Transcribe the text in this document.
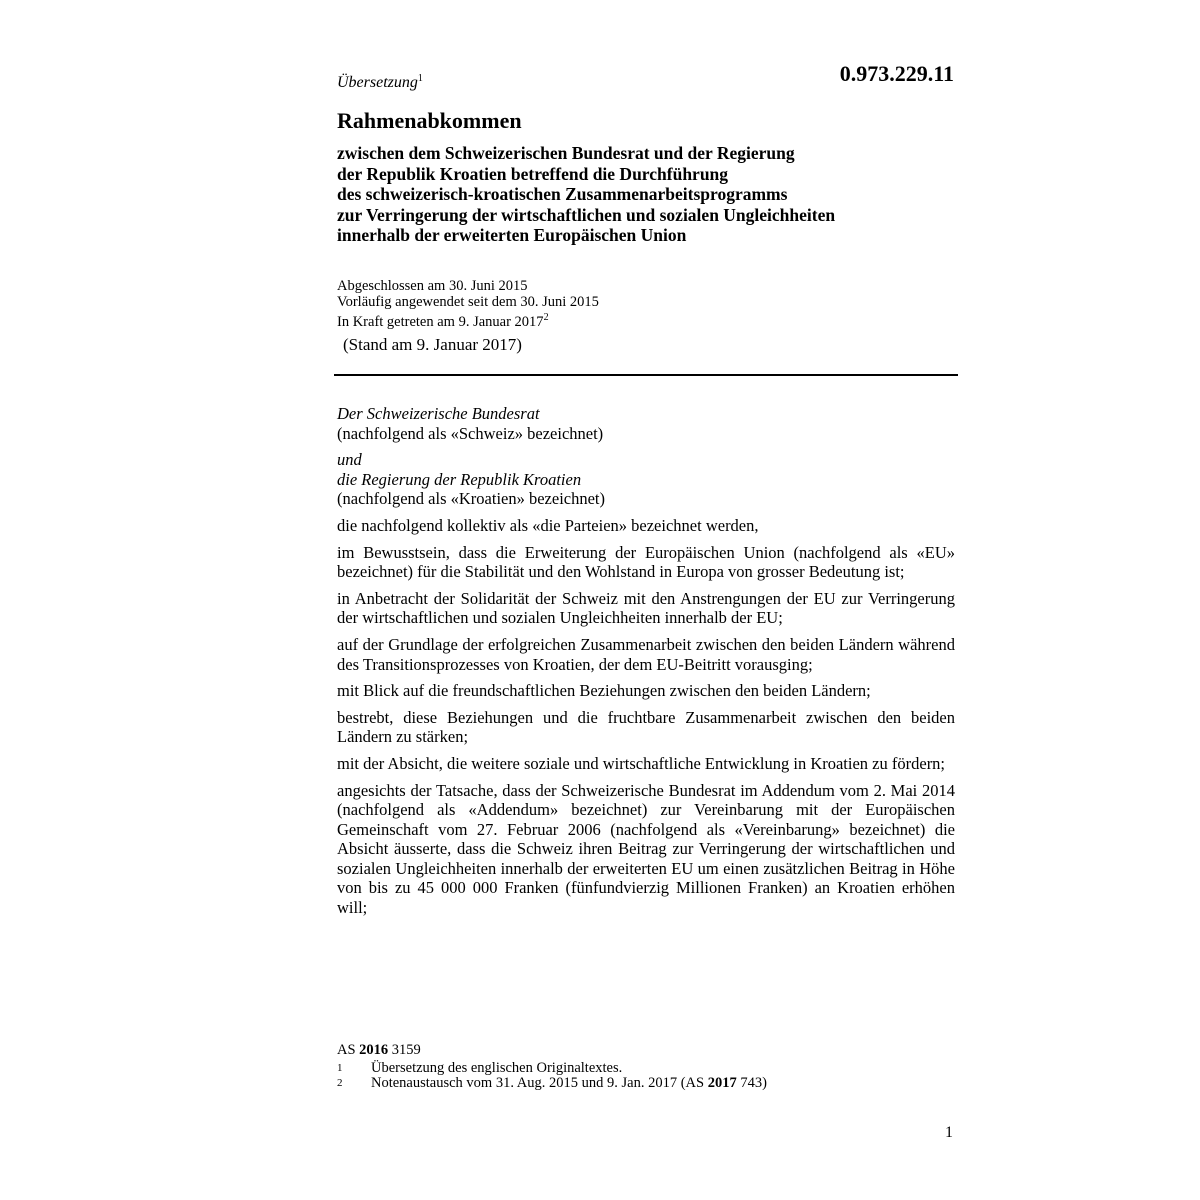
Übersetzung$^1$	0.973.229.11
Rahmenabkommen
zwischen dem Schweizerischen Bundesrat und der Regierung
der Republik Kroatien betreffend die Durchführung
des schweizerisch-kroatischen Zusammenarbeitsprogramms
zur Verringerung der wirtschaftlichen und sozialen Ungleichheiten
innerhalb der erweiterten Europäischen Union
Abgeschlossen am 30. Juni 2015
Vorläufig angewendet seit dem 30. Juni 2015
In Kraft getreten am 9. Januar 2017$^2$
(Stand am 9. Januar 2017)

Der Schweizerische Bundesrat
(nachfolgend als «Schweiz» bezeichnet)

und
die Regierung der Republik Kroatien
(nachfolgend als «Kroatien» bezeichnet)

die nachfolgend kollektiv als «die Parteien» bezeichnet werden,

im Bewusstsein, dass die Erweiterung der Europäischen Union (nachfolgend als «EU» bezeichnet) für die Stabilität und den Wohlstand in Europa von grosser Bedeutung ist;

in Anbetracht der Solidarität der Schweiz mit den Anstrengungen der EU zur Verringerung der wirtschaftlichen und sozialen Ungleichheiten innerhalb der EU;

auf der Grundlage der erfolgreichen Zusammenarbeit zwischen den beiden Ländern während des Transitionsprozesses von Kroatien, der dem EU-Beitritt vorausging;

mit Blick auf die freundschaftlichen Beziehungen zwischen den beiden Ländern;

bestrebt, diese Beziehungen und die fruchtbare Zusammenarbeit zwischen den beiden Ländern zu stärken;

mit der Absicht, die weitere soziale und wirtschaftliche Entwicklung in Kroatien zu fördern;

angesichts der Tatsache, dass der Schweizerische Bundesrat im Addendum vom 2. Mai 2014 (nachfolgend als «Addendum» bezeichnet) zur Vereinbarung mit der Europäischen Gemeinschaft vom 27. Februar 2006 (nachfolgend als «Vereinbarung» bezeichnet) die Absicht äusserte, dass die Schweiz ihren Beitrag zur Verringerung der wirtschaftlichen und sozialen Ungleichheiten innerhalb der erweiterten EU um einen zusätzlichen Beitrag in Höhe von bis zu 45 000 000 Franken (fünfundvierzig Millionen Franken) an Kroatien erhöhen will;

AS 2016 3159
1	Übersetzung des englischen Originaltextes.
2	Notenaustausch vom 31. Aug. 2015 und 9. Jan. 2017 (AS 2017 743)
1
